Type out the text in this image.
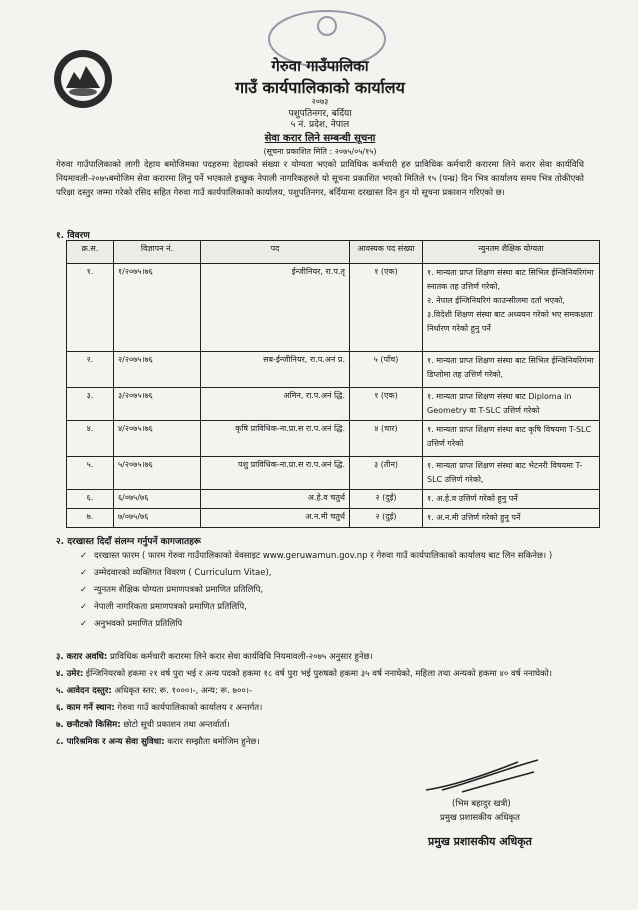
गेरुवा गाउँपालिका
गाउँ कार्यपालिकाको कार्यालय
२०७३
पशुपतिनगर, बर्दिया
५ नं. प्रदेश, नेपाल
सेवा करार लिने सम्बन्धी सूचना
(सूचना प्रकाशित मिति : २०७५/०५/१५)

गेरुवा गाउँपालिकाको लागी देहाय बमोजिमका पदहरुमा देहायको संख्या र योग्यता भएको प्राविधिक कर्मचारी हरु प्राविधिक कर्मचारी करारमा लिने करार सेवा कार्यविधि नियमावली-२०७५बमोजिम सेवा करारमा लिनु पर्ने भएकाले इच्छुक नेपाली नागरिकहरुले यो सूचना प्रकाशित भएको मितिले १५ (पन्ध्र) दिन भित्र कार्यालय समय भित्र तोकीएको परिक्षा दस्तुर जम्मा गरेको रसिद सहित गेरुवा गाउँ कार्यपालिकाको कार्यालय, पशुपतिनगर, बर्दियामा दरखास्त दिन हुन यो सूचना प्रकाशन गरिएको छ।

१. विवरण
क्र.स.	विज्ञापन नं.	पद	आवस्यक पद संख्या	न्युनतम शैक्षिक योग्यता
१.	१/२०७५।७६	ईन्जीनियर, रा.प.तृ	१ (एक)	१. मान्यता प्राप्त शिक्षण संस्था बाट सिभिल ईन्जिनियरिगंमा स्नातक तह उत्तिर्ण गरेको,
२. नेपाल ईन्जिनियरिगं काउन्सीलमा दर्ता भएको,
३.विदेशी शिक्षण संस्था बाट अध्ययन गरेको भए समकक्षता निर्धारण गरेको हुनु पर्ने

२.	२/२०७५।७६	सब-ईन्जीनियर, रा.प.अनं प्र.	५ (पाँच)	१. मान्यता प्राप्त शिक्षण संस्था बाट सिभिल ईन्जिनियरिगंमा डिप्लोमा तह उत्तिर्ण गरेको,

३.	३/२०७५।७६	अमिन, रा.प.अनं द्धि.	१ (एक)	१. मान्यता प्राप्त शिक्षण संस्था बाट Diploma in Geometry वा T-SLC उत्तिर्ण गरेको

४.	४/२०७५।७६	कृषि प्राविधिक-ना.प्रा.स रा.प.अनं द्धि.	४ (चार)	१. मान्यता प्राप्त शिक्षण संस्था बाट कृषि विषयमा T-SLC उत्तिर्ण गरेको

५.	५/२०७५।७६	पशु प्राविधिक-ना.प्रा.स रा.प.अनं द्धि.	३ (तीन)	१. मान्यता प्राप्त शिक्षण संस्था बाट भेटनरी विषयमा T-SLC उत्तिर्ण गरेको,

६.	६/०७५/७६	अ.हे.व चतुर्थ	२ (दुई)	१. अ.हे.व उत्तिर्ण गरेको हुनु पर्ने

७.	७/०७५/७६	अ.न.मी चतुर्थ	२ (दुई)	१. अ.न.मी उत्तिर्ण गरेको हुनु पर्ने
२. दरखास्त दिदाँ संलग्न गर्नुपर्ने कागजातहरू
✓ दरखास्त फारम ( फारम गेरुवा गाउँपालिकाको वेवसाइट www.geruwamun.gov.np र गेरुवा गाउँ कार्यपालिकाको कार्यालय बाट लिन सकिनेछ। )
✓ उम्मेदवारको व्यक्तिगत विवरण ( Curriculum Vitae),
✓ न्युनतम शैक्षिक योग्यता प्रमाणपत्रको प्रमाणित प्रतिलिपि,
✓ नेपाली नागरिकता प्रमाणपत्रको प्रमाणित प्रतिलिपि,
✓ अनुभवको प्रमाणित प्रतिलिपि
३. करार अवधि: प्राविधिक कर्मचारी करारमा लिने करार सेवा कार्यविधि नियमावली-२०७५ अनुसार हुनेछ।
४. उमेर: ईन्जिनियरको हकमा २१ वर्ष पुरा भई र अन्य पदको हकमा १८ वर्ष पुरा भई पुरुषको हकमा ३५ वर्ष ननाघेको, महिला तथा अन्यको हकमा ४० वर्ष ननाघेको।
५. आवेदन दस्तुर: अधिकृत स्तर: रू. १०००।-, अन्य: रू. ७००।-
६. काम गर्ने स्थान: गेरुवा गाउँ कार्यपालिकाको कार्यालय र अन्तर्गत।
७. छनौटको किसिम: छोटो सूची प्रकाशन तथा अन्तर्वार्ता।
८. पारिश्रमिक र अन्य सेवा सुविधा: करार सम्झौता बमोजिम हुनेछ।
(भिम बहादुर खत्री)
प्रमुख प्रशासकीय अधिकृत
प्रमुख प्रशासकीय अधिकृत
